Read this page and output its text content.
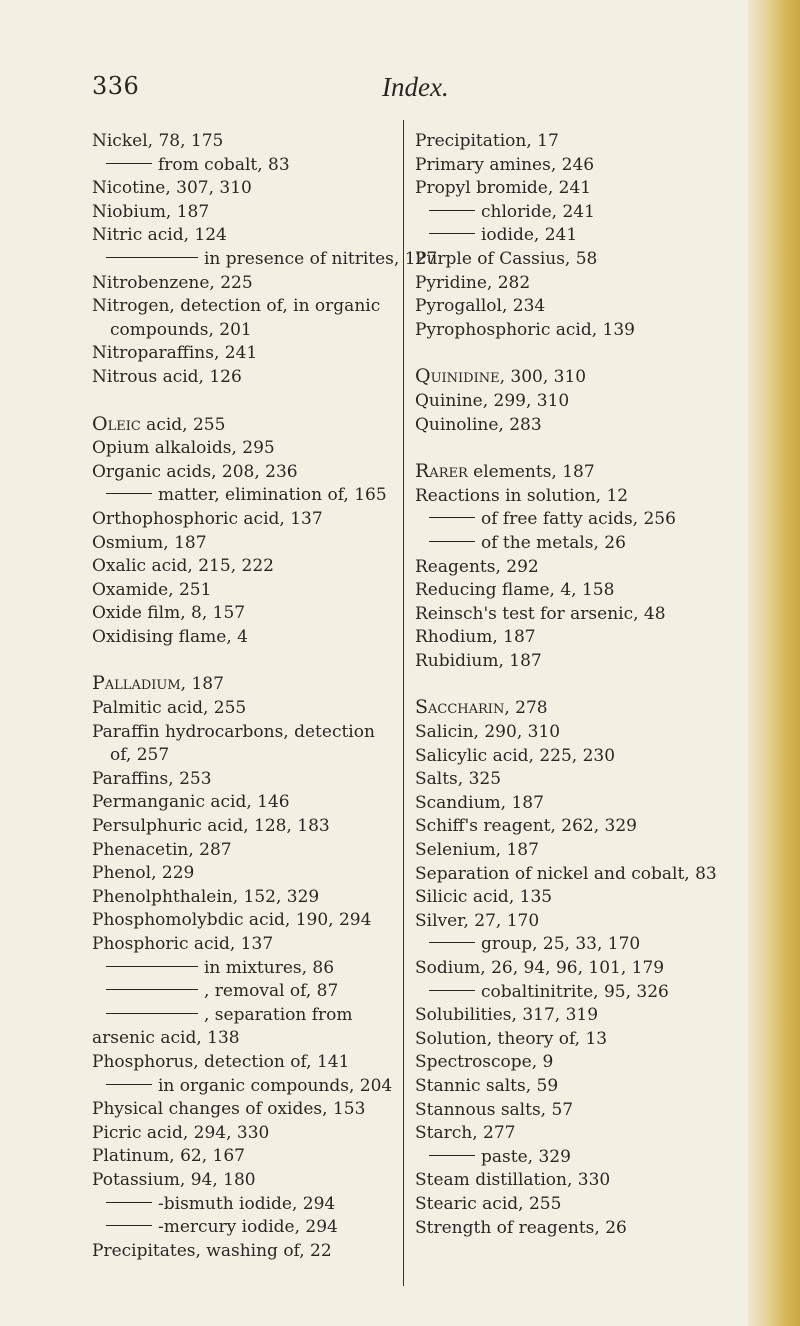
336	Index.
Nickel, 78, 175
from cobalt, 83
Nicotine, 307, 310
Niobium, 187
Nitric acid, 124
in presence of nitrites, 127
Nitrobenzene, 225
Nitrogen, detection of, in organic compounds, 201
Nitroparaffins, 241
Nitrous acid, 126
Oleic acid, 255
Opium alkaloids, 295
Organic acids, 208, 236
matter, elimination of, 165
Orthophosphoric acid, 137
Osmium, 187
Oxalic acid, 215, 222
Oxamide, 251
Oxide film, 8, 157
Oxidising flame, 4
Palladium, 187
Palmitic acid, 255
Paraffin hydrocarbons, detection of, 257
Paraffins, 253
Permanganic acid, 146
Persulphuric acid, 128, 183
Phenacetin, 287
Phenol, 229
Phenolphthalein, 152, 329
Phosphomolybdic acid, 190, 294
Phosphoric acid, 137
in mixtures, 86
, removal of, 87
, separation from arsenic acid, 138
Phosphorus, detection of, 141
in organic compounds, 204
Physical changes of oxides, 153
Picric acid, 294, 330
Platinum, 62, 167
Potassium, 94, 180
-bismuth iodide, 294
-mercury iodide, 294
Precipitates, washing of, 22
Precipitation, 17
Primary amines, 246
Propyl bromide, 241
chloride, 241
iodide, 241
Purple of Cassius, 58
Pyridine, 282
Pyrogallol, 234
Pyrophosphoric acid, 139
Quinidine, 300, 310
Quinine, 299, 310
Quinoline, 283
Rarer elements, 187
Reactions in solution, 12
of free fatty acids, 256
of the metals, 26
Reagents, 292
Reducing flame, 4, 158
Reinsch's test for arsenic, 48
Rhodium, 187
Rubidium, 187
Saccharin, 278
Salicin, 290, 310
Salicylic acid, 225, 230
Salts, 325
Scandium, 187
Schiff's reagent, 262, 329
Selenium, 187
Separation of nickel and cobalt, 83
Silicic acid, 135
Silver, 27, 170
group, 25, 33, 170
Sodium, 26, 94, 96, 101, 179
cobaltinitrite, 95, 326
Solubilities, 317, 319
Solution, theory of, 13
Spectroscope, 9
Stannic salts, 59
Stannous salts, 57
Starch, 277
paste, 329
Steam distillation, 330
Stearic acid, 255
Strength of reagents, 26
